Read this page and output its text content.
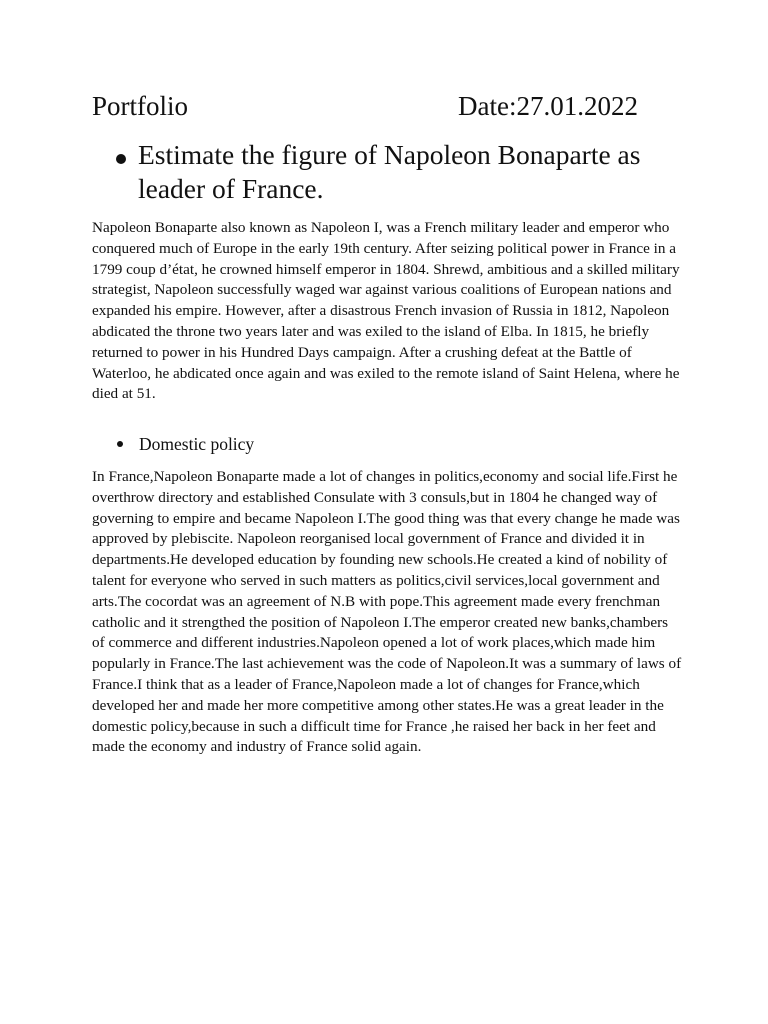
Portfolio	Date:27.01.2022
Estimate the figure of Napoleon Bonaparte as leader of France.

Napoleon Bonaparte also known as Napoleon I, was a French military leader and emperor who conquered much of Europe in the early 19th century. After seizing political power in France in a 1799 coup d’état, he crowned himself emperor in 1804. Shrewd, ambitious and a skilled military strategist, Napoleon successfully waged war against various coalitions of European nations and expanded his empire. However, after a disastrous French invasion of Russia in 1812, Napoleon abdicated the throne two years later and was exiled to the island of Elba. In 1815, he briefly returned to power in his Hundred Days campaign. After a crushing defeat at the Battle of Waterloo, he abdicated once again and was exiled to the remote island of Saint Helena, where he died at 51.

Domestic policy

In France,Napoleon Bonaparte made a lot of changes in politics,economy and social life.First he overthrow directory and established Consulate with 3 consuls,but in 1804 he changed way of governing to empire and became Napoleon I.The good thing was that every change he made was approved by plebiscite. Napoleon reorganised local government of France and divided it in departments.He developed education by founding new schools.He created a kind of nobility of talent for everyone who served in such matters as politics,civil services,local government and arts.The cocordat was an agreement of N.B with pope.This agreement made every frenchman catholic and it strengthed the position of Napoleon I.The emperor created new banks,chambers of commerce and different industries.Napoleon opened a lot of work places,which made him popularly in France.The last achievement was the code of Napoleon.It was a summary of laws of France.I think that as a leader of France,Napoleon made a lot of changes for France,which developed her and made her more competitive among other states.He was a great leader in the domestic policy,because in such a difficult time for France ,he raised her back in her feet and made the economy and industry of France solid again.
